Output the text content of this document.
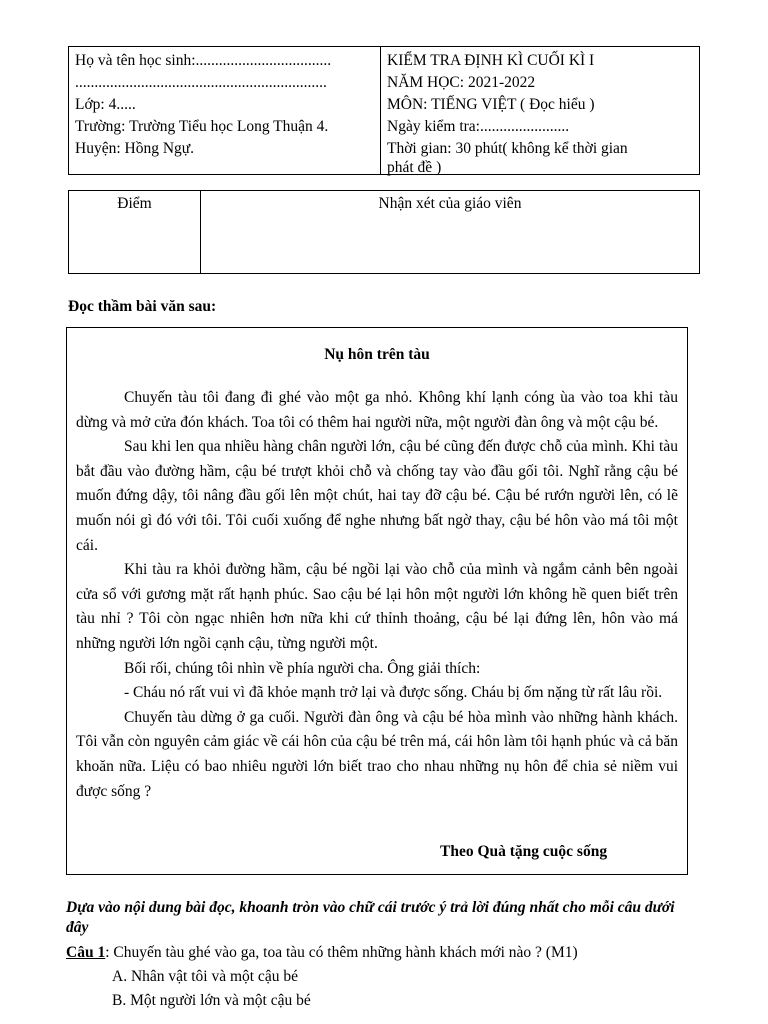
Họ và tên học sinh:...................................
.................................................................
Lớp: 4.....
Trường: Trường Tiểu học Long Thuận 4.
Huyện: Hồng Ngự.
KIỂM TRA ĐỊNH KÌ CUỐI KÌ I
NĂM HỌC: 2021-2022
MÔN: TIẾNG VIỆT ( Đọc hiểu )
Ngày kiểm tra:.......................
Thời gian: 30 phút( không kể thời gian
phát đề )
Điểm	Nhận xét của giáo viên
Đọc thầm bài văn sau:
Nụ hôn trên tàu

Chuyến tàu tôi đang đi ghé vào một ga nhỏ. Không khí lạnh cóng ùa vào toa khi tàu dừng và mở cửa đón khách. Toa tôi có thêm hai người nữa, một người đàn ông và một cậu bé.

Sau khi len qua nhiều hàng chân người lớn, cậu bé cũng đến được chỗ của mình. Khi tàu bắt đầu vào đường hầm, cậu bé trượt khỏi chỗ và chống tay vào đầu gối tôi. Nghĩ rằng cậu bé muốn đứng dậy, tôi nâng đầu gối lên một chút, hai tay đỡ cậu bé. Cậu bé rướn người lên, có lẽ muốn nói gì đó với tôi. Tôi cuối xuống để nghe nhưng bất ngờ thay, cậu bé hôn vào má tôi một cái.

Khi tàu ra khỏi đường hầm, cậu bé ngồi lại vào chỗ của mình và ngắm cảnh bên ngoài cửa sổ với gương mặt rất hạnh phúc. Sao cậu bé lại hôn một người lớn không hề quen biết trên tàu nhỉ ? Tôi còn ngạc nhiên hơn nữa khi cứ thỉnh thoảng, cậu bé lại đứng lên, hôn vào má những người lớn ngồi cạnh cậu, từng người một.

Bối rối, chúng tôi nhìn về phía người cha. Ông giải thích:

- Cháu nó rất vui vì đã khỏe mạnh trở lại và được sống. Cháu bị ốm nặng từ rất lâu rồi.

Chuyến tàu dừng ở ga cuối. Người đàn ông và cậu bé hòa mình vào những hành khách. Tôi vẫn còn nguyên cảm giác về cái hôn của cậu bé trên má, cái hôn làm tôi hạnh phúc và cả băn khoăn nữa. Liệu có bao nhiêu người lớn biết trao cho nhau những nụ hôn để chia sẻ niềm vui được sống ?

Theo Quà tặng cuộc sống
Dựa vào nội dung bài đọc, khoanh tròn vào chữ cái trước ý trả lời đúng nhất cho mỗi câu dưới đây
Câu 1: Chuyến tàu ghé vào ga, toa tàu có thêm những hành khách mới nào ? (M1)
A. Nhân vật tôi và một cậu bé
B. Một người lớn và một cậu bé
